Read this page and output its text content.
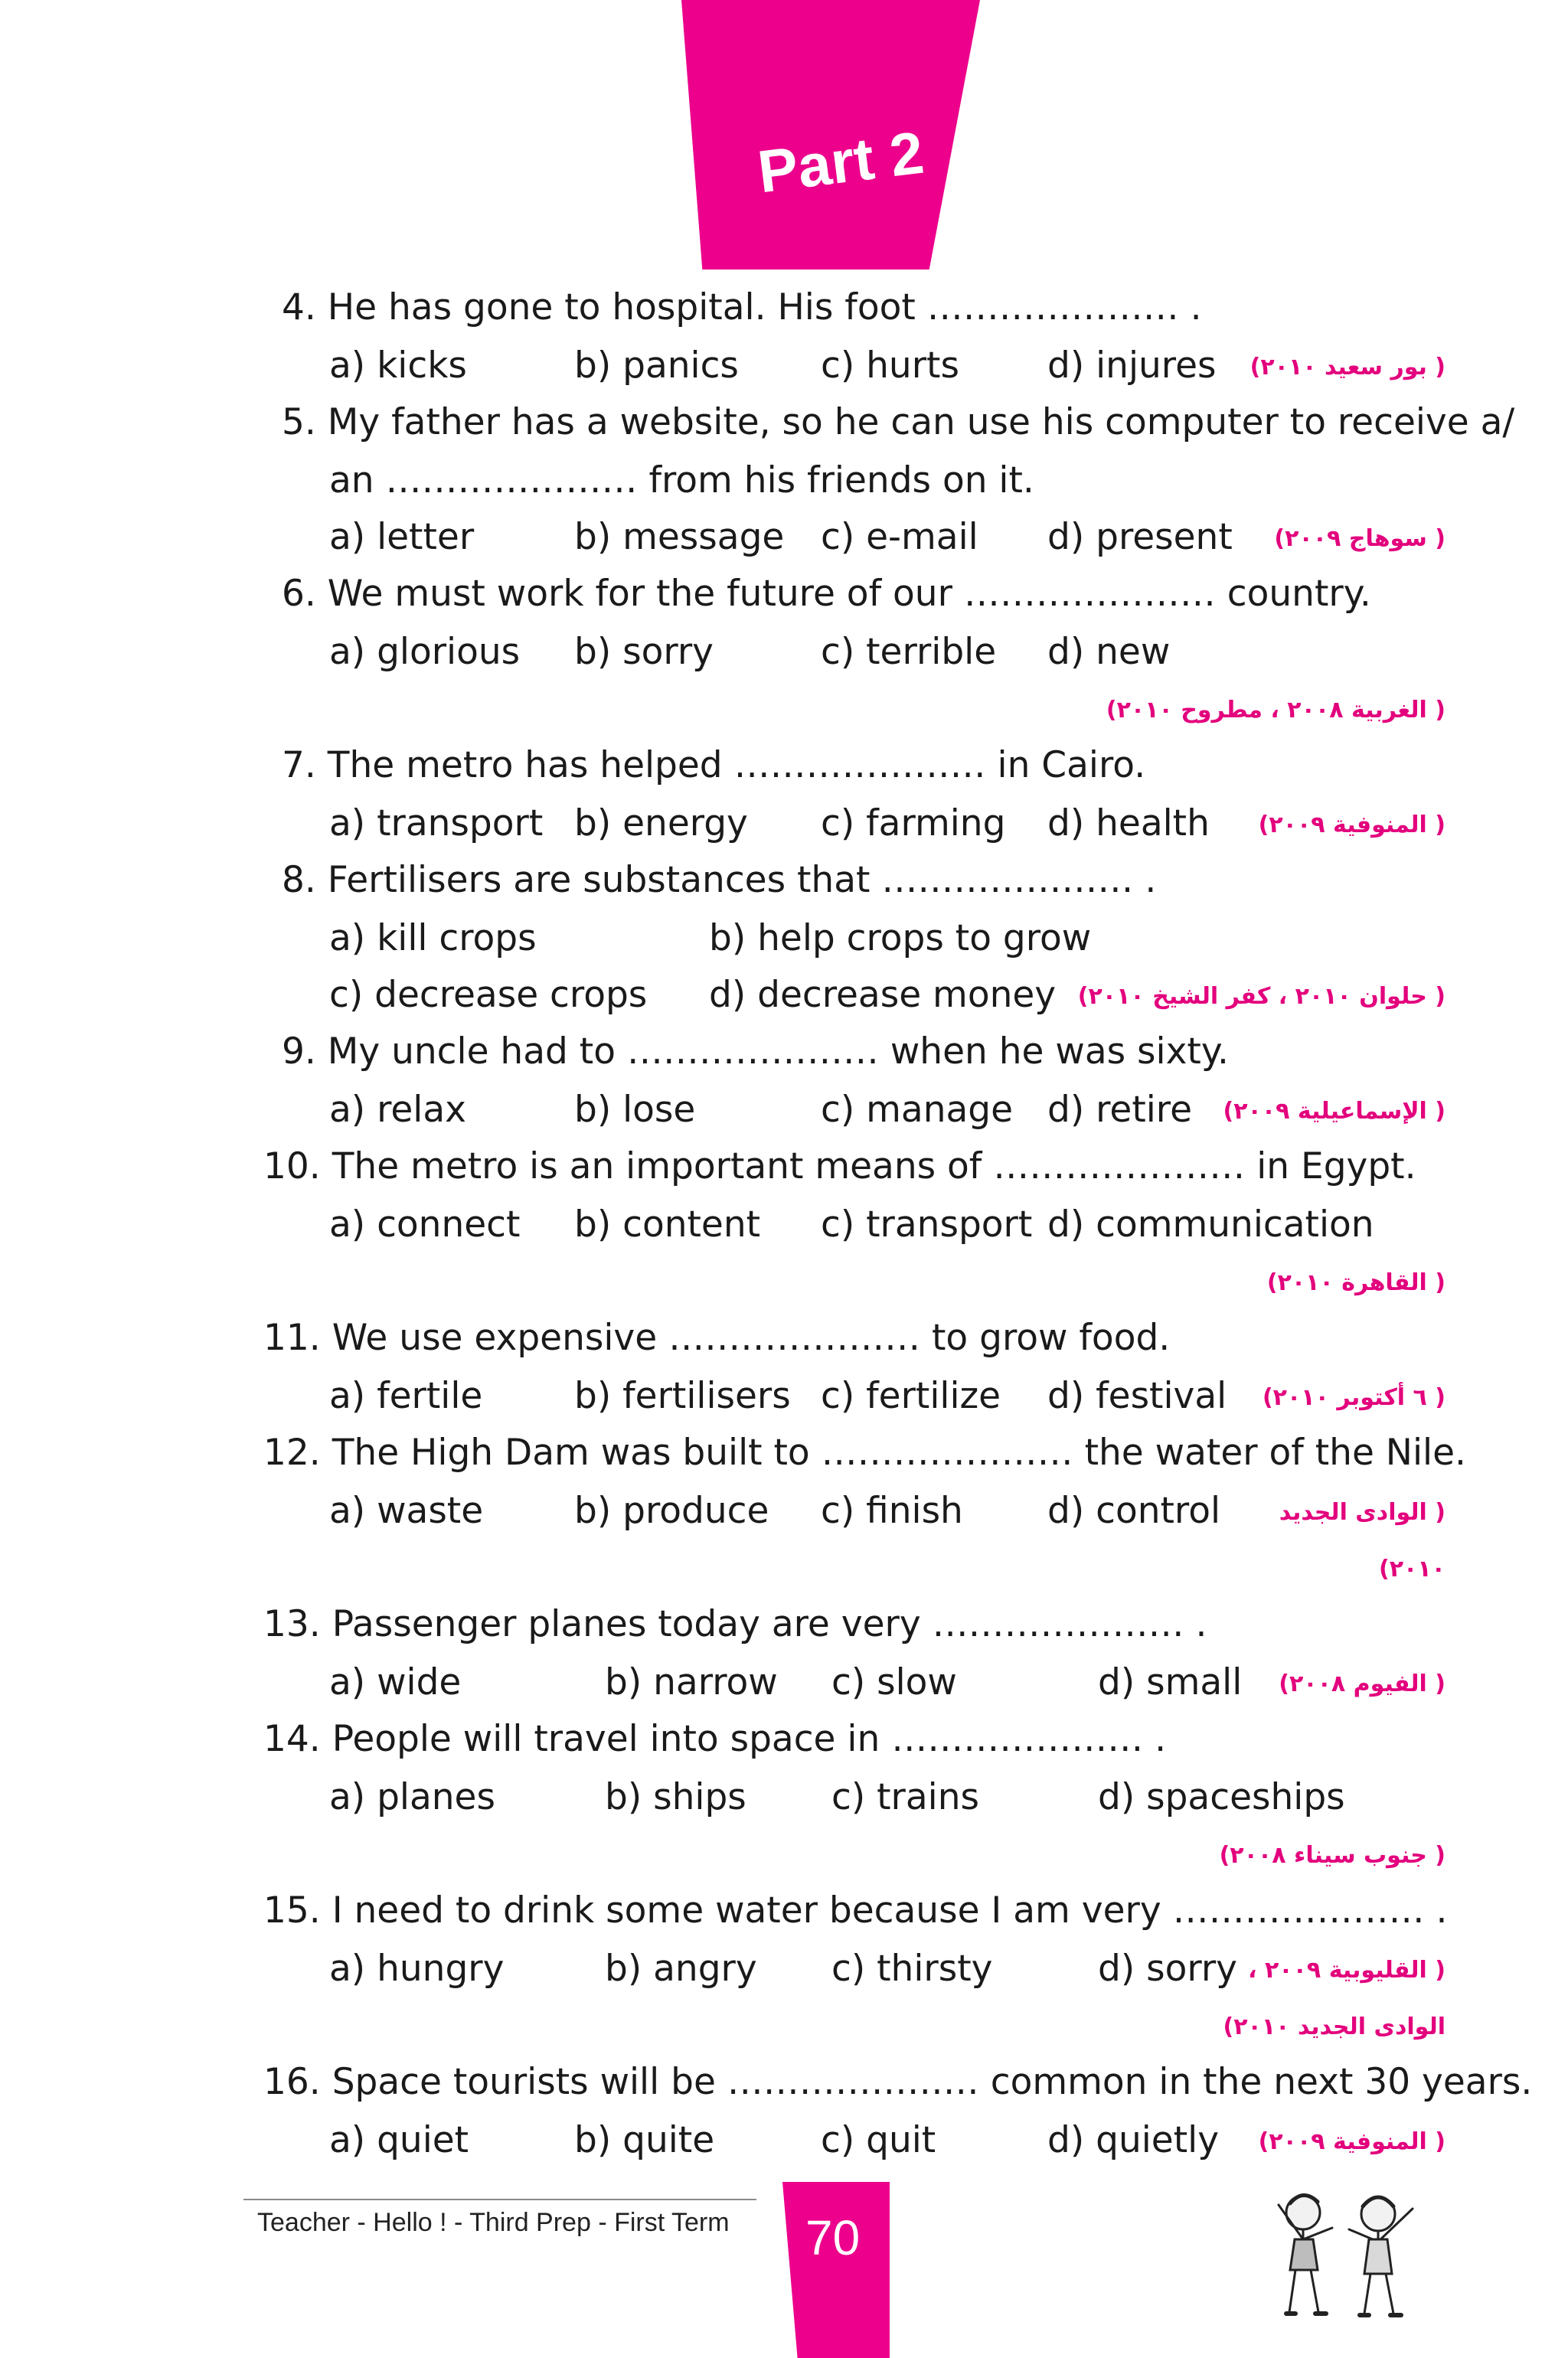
Part 2
4. He has gone to hospital. His foot ………………… .
a) kicks	b) panics c) hurts d) injures ( بور سعيد ٢٠١٠)
5. My father has a website, so he can use his computer to receive a/
an ………………… from his friends on it.
a) letter	b) message c) e-mail d) present ( سوهاج ٢٠٠٩)
6. We must work for the future of our ………………… country.
a) glorious b) sorry	c) terrible d) new
( الغربية ٢٠٠٨ ، مطروح ٢٠١٠)
7. The metro has helped ………………… in Cairo.
a) transport b) energy c) farming d) health ( المنوفية ٢٠٠٩)
8. Fertilisers are substances that ………………… .
a) kill crops	b) help crops to grow
c) decrease crops d) decrease money ( حلوان ٢٠١٠ ، كفر الشيخ ٢٠١٠)
9. My uncle had to ………………… when he was sixty.
a) relax	b) lose	c) manage d) retire ( الإسماعيلية ٢٠٠٩)
10. The metro is an important means of ………………… in Egypt.
a) connect b) content c) transport d) communication
( القاهرة ٢٠١٠)
11. We use expensive ………………… to grow food.
a) fertile	b) fertilisers c) fertilize d) festival ( ٦ أكتوبر ٢٠١٠)
12. The High Dam was built to ………………… the water of the Nile.
a) waste	b) produce c) finish d) control	( الوادى الجديد
٢٠١٠)
13. Passenger planes today are very ………………… .
a) wide	b) narrow c) slow	d) small ( الفيوم ٢٠٠٨)
14. People will travel into space in ………………… .
a) planes	b) ships c) trains	d) spaceships
( جنوب سيناء ٢٠٠٨)
15. I need to drink some water because I am very ………………… .
a) hungry	b) angry c) thirsty	d) sorry ( القليوبية ٢٠٠٩ ،
الوادى الجديد ٢٠١٠)
16. Space tourists will be ………………… common in the next 30 years.
a) quiet	b) quite	c) quit	d) quietly ( المنوفية ٢٠٠٩)
Teacher - Hello ! - Third Prep - First Term 70
